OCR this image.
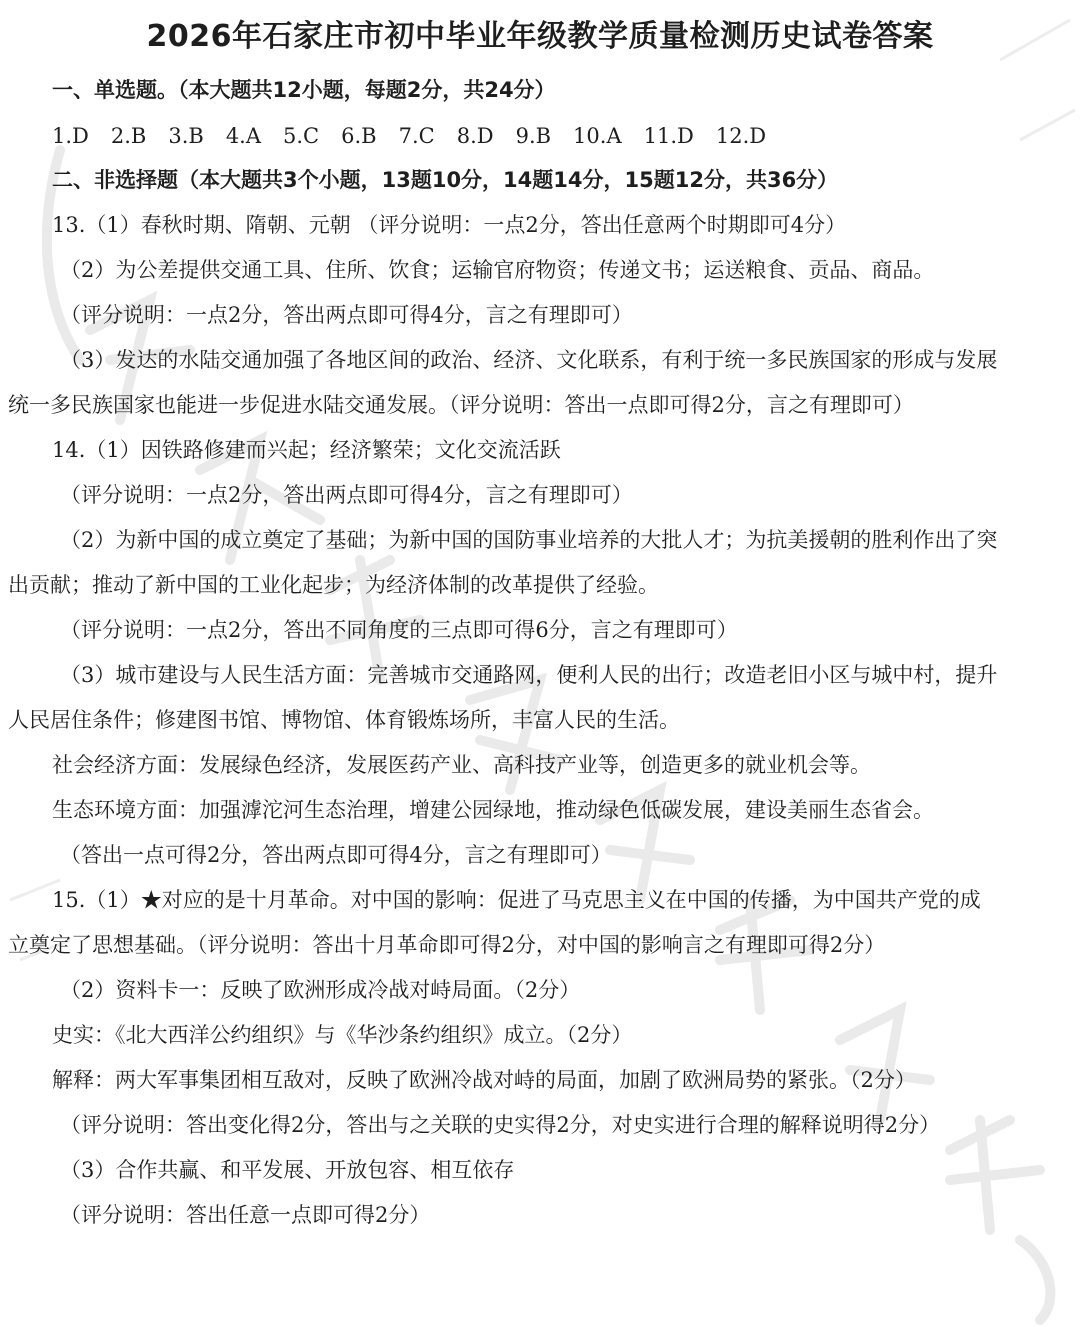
2026年石家庄市初中毕业年级教学质量检测历史试卷答案
一、单选题。（本大题共12小题，每题2分，共24分）
1.D 2.B 3.B 4.A 5.C 6.B 7.C 8.D 9.B 10.A 11.D 12.D
二、非选择题（本大题共3个小题，13题10分，14题14分，15题12分，共36分）
13.（1）春秋时期、隋朝、元朝 （评分说明：一点2分，答出任意两个时期即可4分）
（2）为公差提供交通工具、住所、饮食；运输官府物资；传递文书；运送粮食、贡品、商品。
（评分说明：一点2分，答出两点即可得4分，言之有理即可）
（3）发达的水陆交通加强了各地区间的政治、经济、文化联系，有利于统一多民族国家的形成与发展
统一多民族国家也能进一步促进水陆交通发展。（评分说明：答出一点即可得2分，言之有理即可）
14.（1）因铁路修建而兴起；经济繁荣；文化交流活跃
（评分说明：一点2分，答出两点即可得4分，言之有理即可）
（2）为新中国的成立奠定了基础；为新中国的国防事业培养的大批人才；为抗美援朝的胜利作出了突
出贡献；推动了新中国的工业化起步；为经济体制的改革提供了经验。
（评分说明：一点2分，答出不同角度的三点即可得6分，言之有理即可）
（3）城市建设与人民生活方面：完善城市交通路网，便利人民的出行；改造老旧小区与城中村，提升
人民居住条件；修建图书馆、博物馆、体育锻炼场所，丰富人民的生活。
社会经济方面：发展绿色经济，发展医药产业、高科技产业等，创造更多的就业机会等。
生态环境方面：加强滹沱河生态治理，增建公园绿地，推动绿色低碳发展，建设美丽生态省会。
（答出一点可得2分，答出两点即可得4分，言之有理即可）
15.（1）★对应的是十月革命。对中国的影响：促进了马克思主义在中国的传播，为中国共产党的成
立奠定了思想基础。（评分说明：答出十月革命即可得2分，对中国的影响言之有理即可得2分）
（2）资料卡一：反映了欧洲形成冷战对峙局面。（2分）
史实：《北大西洋公约组织》与《华沙条约组织》成立。（2分）
解释：两大军事集团相互敌对，反映了欧洲冷战对峙的局面，加剧了欧洲局势的紧张。（2分）
（评分说明：答出变化得2分，答出与之关联的史实得2分，对史实进行合理的解释说明得2分）
（3）合作共赢、和平发展、开放包容、相互依存
（评分说明：答出任意一点即可得2分）
